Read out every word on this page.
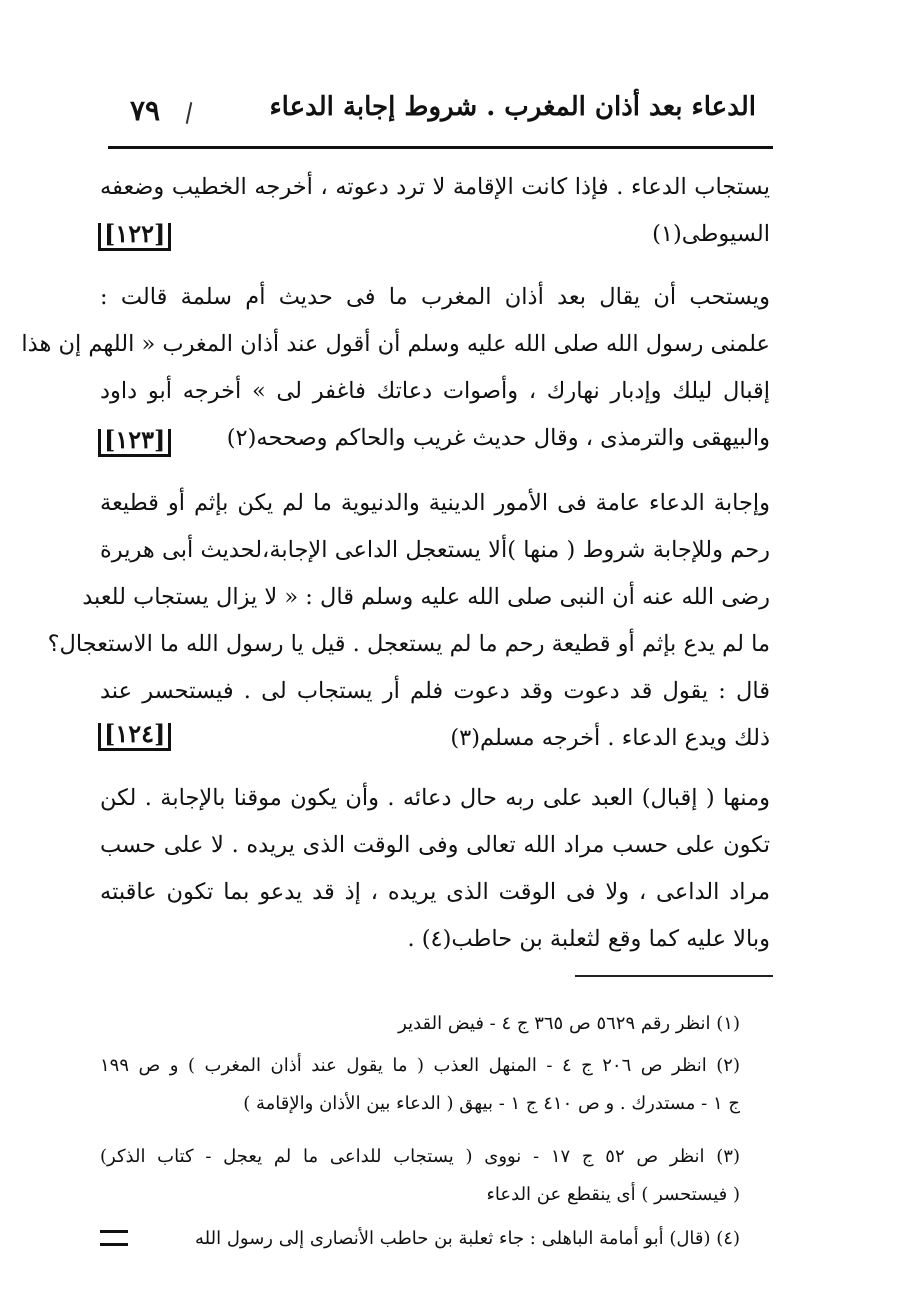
الدعاء بعد أذان المغرب . شروط إجابة الدعاء
٧٩
يستجاب الدعاء . فإذا كانت الإقامة لا ترد دعوته ، أخرجه الخطيب وضعفه
السيوطى(١)
[١٢٢]
ويستحب أن يقال بعد أذان المغرب ما فى حديث أم سلمة قالت :
علمنى رسول الله صلى الله عليه وسلم أن أقول عند أذان المغرب « اللهم إن هذا
إقبال ليلك وإدبار نهارك ، وأصوات دعاتك فاغفر لى » أخرجه أبو داود
والبيهقى والترمذى ، وقال حديث غريب والحاكم وصححه(٢)
[١٢٣]
وإجابة الدعاء عامة فى الأمور الدينية والدنيوية ما لم يكن بإثم أو قطيعة
رحم وللإجابة شروط ( منها )ألا يستعجل الداعى الإجابة،لحديث أبى هريرة
رضى الله عنه أن النبى صلى الله عليه وسلم قال : « لا يزال يستجاب للعبد
ما لم يدع بإثم أو قطيعة رحم ما لم يستعجل . قيل يا رسول الله ما الاستعجال؟
قال : يقول قد دعوت وقد دعوت فلم أر يستجاب لى . فيستحسر عند
ذلك ويدع الدعاء . أخرجه مسلم(٣)
[١٢٤]
ومنها ( إقبال) العبد على ربه حال دعائه . وأن يكون موقنا بالإجابة . لكن
تكون على حسب مراد الله تعالى وفى الوقت الذى يريده . لا على حسب
مراد الداعى ، ولا فى الوقت الذى يريده ، إذ قد يدعو بما تكون عاقبته
وبالا عليه كما وقع لثعلبة بن حاطب(٤) .
(١) انظر رقم ٥٦٢٩ ص ٣٦٥ ج ٤ - فيض القدير
(٢) انظر ص ٢٠٦ ج ٤ - المنهل العذب ( ما يقول عند أذان المغرب ) و ص ١٩٩
ج ١ - مستدرك . و ص ٤١٠ ج ١ - بيهق ( الدعاء بين الأذان والإقامة )
(٣) انظر ص ٥٢ ج ١٧ - نووى ( يستجاب للداعى ما لم يعجل - كتاب الذكر)
( فيستحسر ) أى ينقطع عن الدعاء
(٤) (قال) أبو أمامة الباهلى : جاء ثعلبة بن حاطب الأنصارى إلى رسول الله
